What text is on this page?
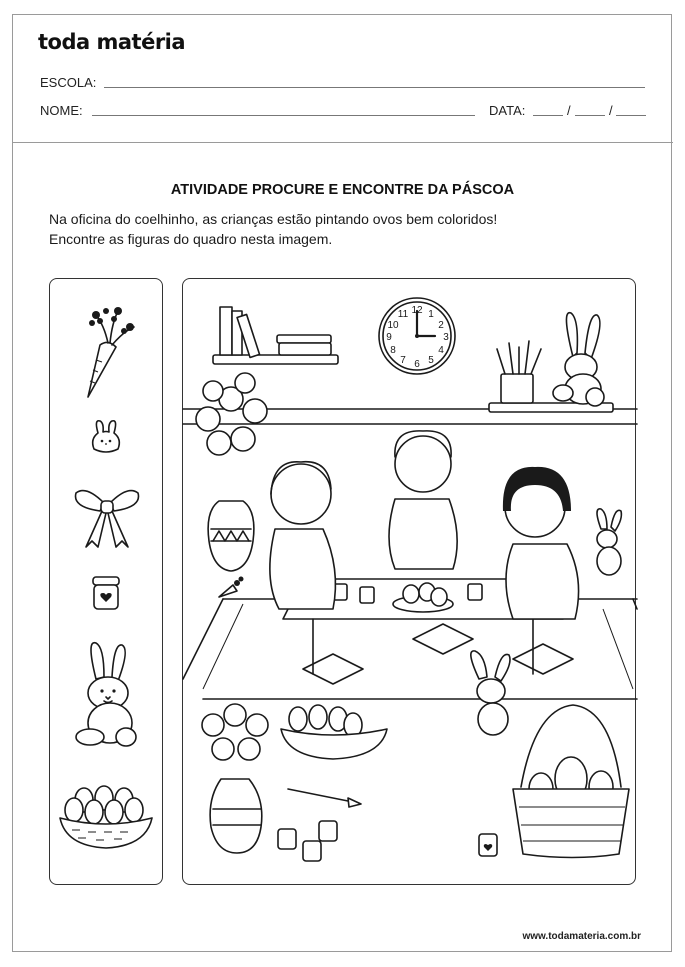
toda matéria
ESCOLA:
NOME:	DATA:	/	/
ATIVIDADE PROCURE E ENCONTRE DA PÁSCOA
Na oficina do coelhinho, as crianças estão pintando ovos bem coloridos!
Encontre as figuras do quadro nesta imagem.
12 1
2
3
4
5
6
7
8
9
10
11
www.todamateria.com.br
